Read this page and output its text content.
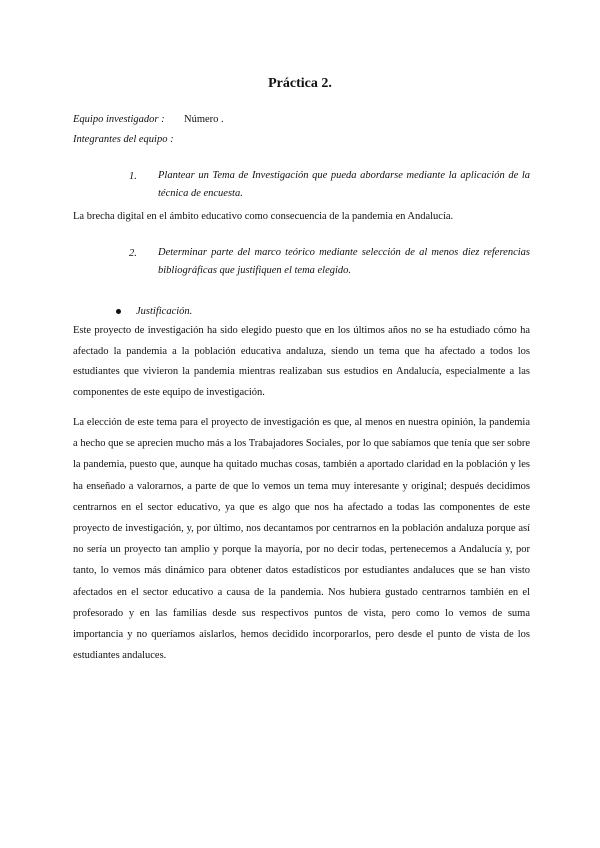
Práctica 2.
Equipo investigador : Número .
Integrantes del equipo :
1. Plantear un Tema de Investigación que pueda abordarse mediante la aplicación de la técnica de encuesta.
La brecha digital en el ámbito educativo como consecuencia de la pandemia en Andalucía.
2. Determinar parte del marco teórico mediante selección de al menos diez referencias bibliográficas que justifiquen el tema elegido.
Justificación.
Este proyecto de investigación ha sido elegido puesto que en los últimos años no se ha estudiado cómo ha afectado la pandemia a la población educativa andaluza, siendo un tema que ha afectado a todos los estudiantes que vivieron la pandemia mientras realizaban sus estudios en Andalucía, especialmente a las componentes de este equipo de investigación.
La elección de este tema para el proyecto de investigación es que, al menos en nuestra opinión, la pandemia a hecho que se aprecien mucho más a los Trabajadores Sociales, por lo que sabíamos que tenía que ser sobre la pandemia, puesto que, aunque ha quitado muchas cosas, también a aportado claridad en la población y les ha enseñado a valorarnos, a parte de que lo vemos un tema muy interesante y original; después decidimos centrarnos en el sector educativo, ya que es algo que nos ha afectado a todas las componentes de este proyecto de investigación, y, por último, nos decantamos por centrarnos en la población andaluza porque así no sería un proyecto tan amplio y porque la mayoría, por no decir todas, pertenecemos a Andalucía y, por tanto, lo vemos más dinámico para obtener datos estadísticos por estudiantes andaluces que se han visto afectados en el sector educativo a causa de la pandemia. Nos hubiera gustado centrarnos también en el profesorado y en las familias desde sus respectivos puntos de vista, pero como lo vemos de suma importancia y no queríamos aislarlos, hemos decidido incorporarlos, pero desde el punto de vista de los estudiantes andaluces.
